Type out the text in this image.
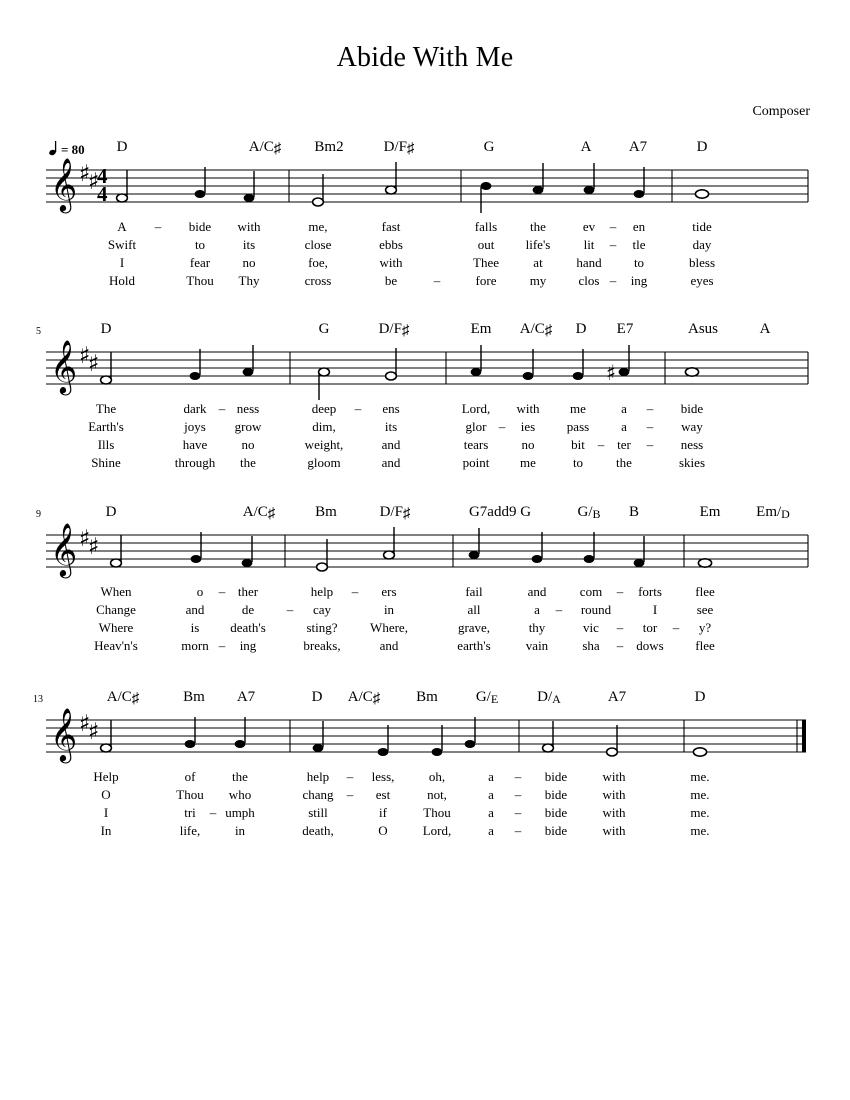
Abide With Me
Composer
D	A/C♯ Bm2	D/F♯	G	A A7	D
= 80
𝄞 ♯
♯
4
4
A – bide with	me,	fast	falls	the	ev – en	tide
Swift	to	its	close	ebbs	out life's	lit – tle	day
I	fear no	foe,	with	Thee	at	hand to	bless
Hold	Thou Thy	cross	be	–	fore	my clos – ing	eyes
D	G	D/F♯	Em A/C♯ D E7	Asus	A
5
𝄞 ♯
♯	♯
The	dark – ness	deep – ens	Lord, with me	a – bide
Earth's	joys grow	dim,	its	glor – ies pass a – way
Ills	have	no	weight,	and	tears	no	bit – ter – ness
Shine	through the	gloom	and	point me	to	the	skies
D	A/C♯	Bm	D/F♯	G7add9 G	G/B B	Em Em/D
9
𝄞 ♯
♯
When	o – ther	help – ers	fail	and	com – forts	flee
Change	and	de	– cay	in	all	a – round	I	see
Where	is death's	sting?	Where,	grave,	thy	vic – tor – y?
Heav'n's	morn – ing	breaks,	and	earth's	vain	sha – dows flee
A/C♯	Bm A7	D A/C♯ Bm	G/E	D/A	A7	D
13
𝄞 ♯
♯
Help	of	the	help – less,	oh,	a – bide	with	me.
O	Thou who	chang – est	not,	a – bide	with	me.
I	tri – umph	still	if	Thou	a – bide	with	me.
In	life,	in	death,	O	Lord,	a – bide	with	me.
